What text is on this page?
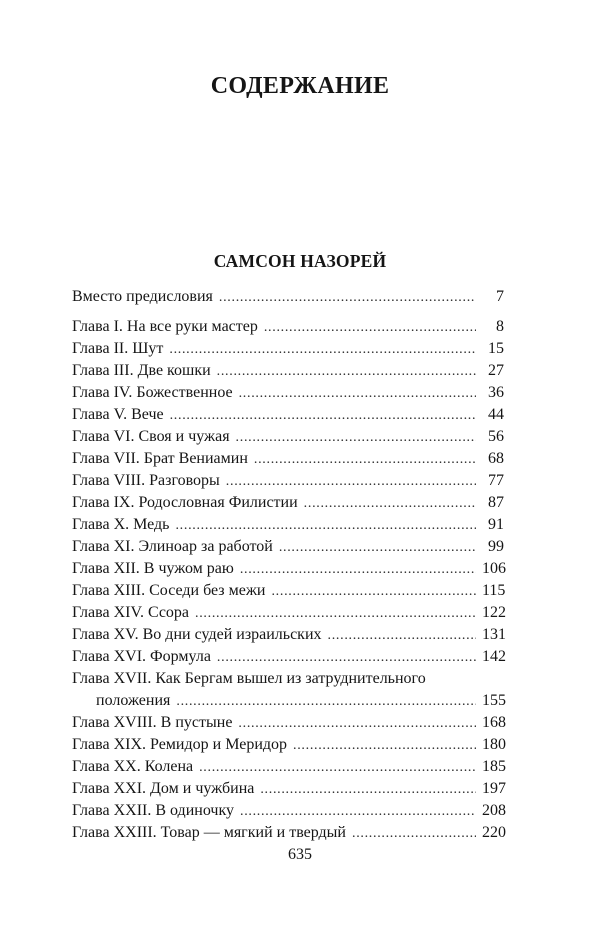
СОДЕРЖАНИЕ
САМСОН НАЗОРЕЙ
Вместо предисловия . . .	7
Глава I. На все руки мастер . . .	8
Глава II. Шут . . .	15
Глава III. Две кошки . . .	27
Глава IV. Божественное . . .	36
Глава V. Вече . . .	44
Глава VI. Своя и чужая . . .	56
Глава VII. Брат Вениамин . . .	68
Глава VIII. Разговоры . . .	77
Глава IX. Родословная Филистии . . .	87
Глава X. Медь . . .	91
Глава XI. Элиноар за работой . . .	99
Глава XII. В чужом раю . . .	106
Глава XIII. Соседи без межи . . .	115
Глава XIV. Ссора . . .	122
Глава XV. Во дни судей израильских . . .	131
Глава XVI. Формула . . .	142
Глава XVII. Как Бергам вышел из затруднительного
положения . . .	155
Глава XVIII. В пустыне . . .	168
Глава XIX. Ремидор и Меридор . . .	180
Глава XX. Колена . . .	185
Глава XXI. Дом и чужбина . . .	197
Глава XXII. В одиночку . . .	208
Глава XXIII. Товар — мягкий и твердый . . .	220
635
